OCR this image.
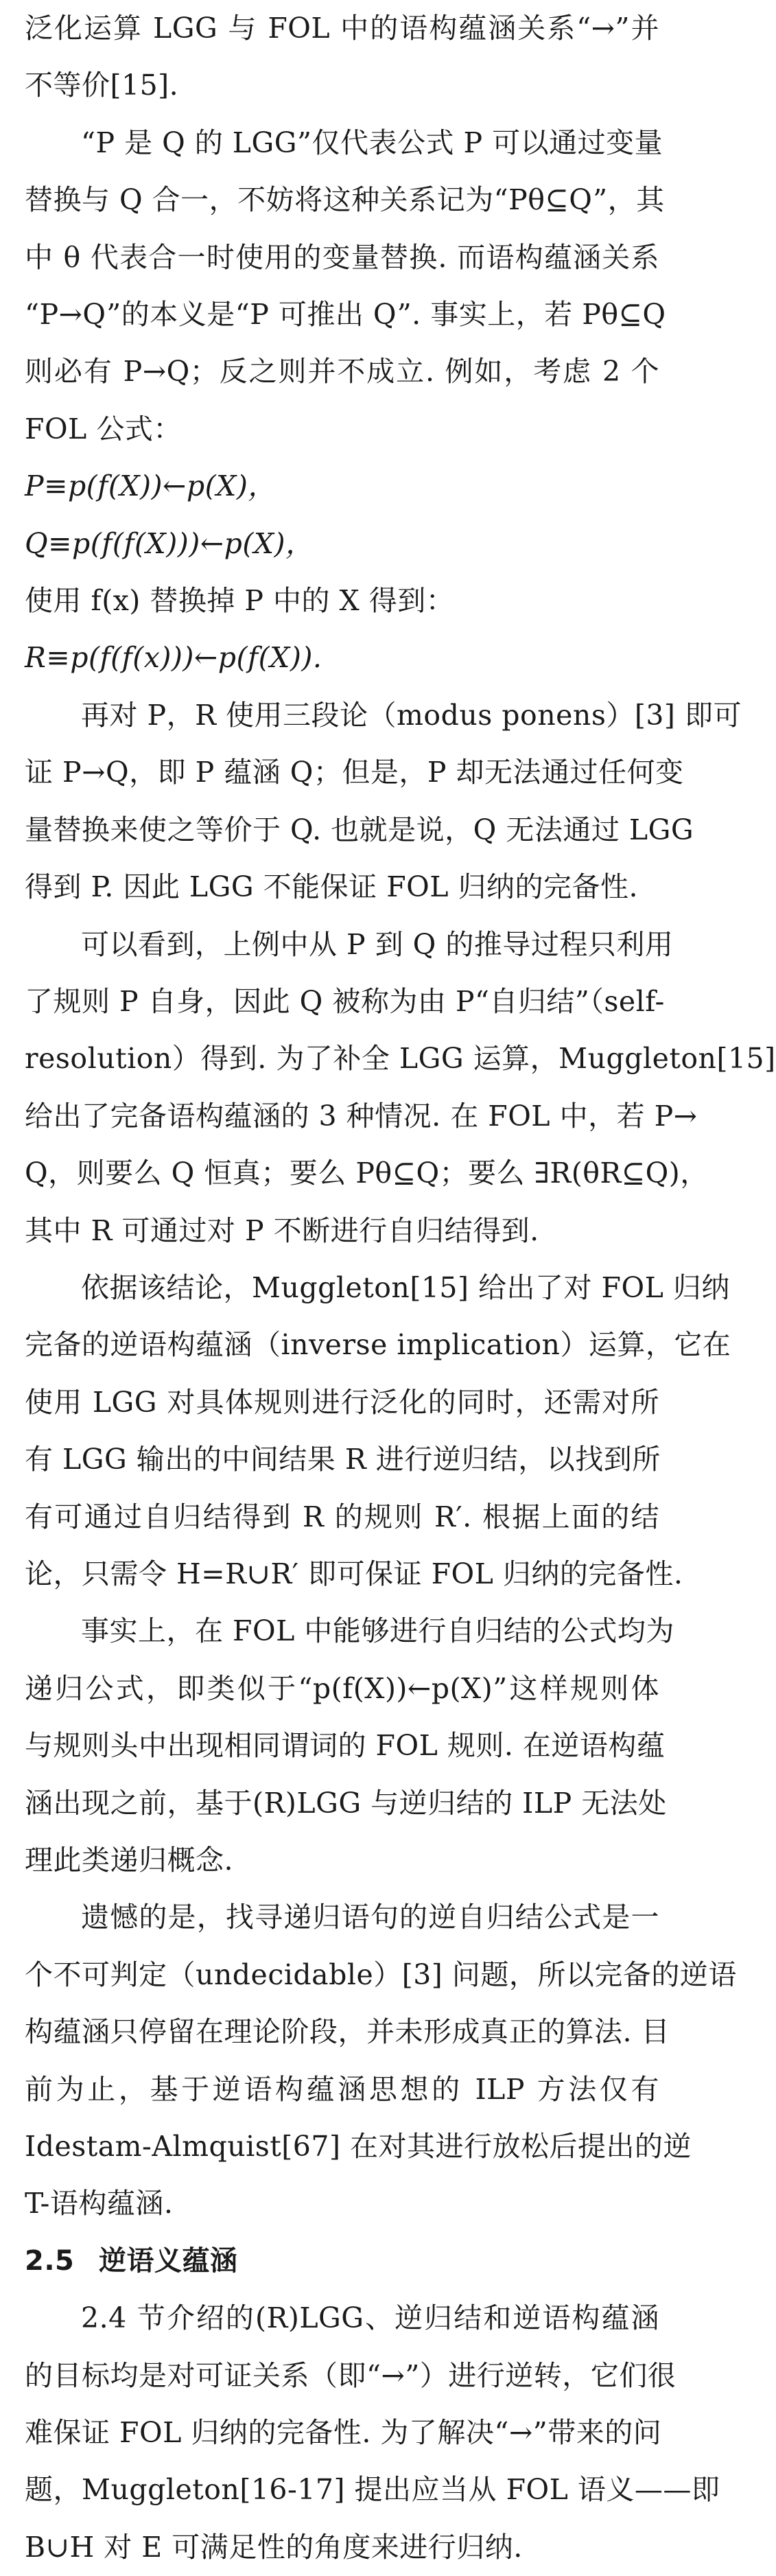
泛化运算 LGG 与 FOL 中的语构蕴涵关系“→”并

不等价[15].

“P 是 Q 的 LGG”仅代表公式 P 可以通过变量

替换与 Q 合一，不妨将这种关系记为“Pθ⊆Q”，其

中 θ 代表合一时使用的变量替换. 而语构蕴涵关系

“P→Q”的本义是“P 可推出 Q”. 事实上，若 Pθ⊆Q

则必有 P→Q；反之则并不成立. 例如，考虑 2 个

FOL 公式：

P≡p(f(X))←p(X)，

Q≡p(f(f(X)))←p(X)，

使用 f(x) 替换掉 P 中的 X 得到：

R≡p(f(f(x)))←p(f(X)).

再对 P，R 使用三段论（modus ponens）[3] 即可

证 P→Q，即 P 蕴涵 Q；但是，P 却无法通过任何变

量替换来使之等价于 Q. 也就是说，Q 无法通过 LGG

得到 P. 因此 LGG 不能保证 FOL 归纳的完备性.

可以看到，上例中从 P 到 Q 的推导过程只利用

了规则 P 自身，因此 Q 被称为由 P“自归结”（self-

resolution）得到. 为了补全 LGG 运算，Muggleton[15]

给出了完备语构蕴涵的 3 种情况. 在 FOL 中，若 P→

Q，则要么 Q 恒真；要么 Pθ⊆Q；要么 ∃R(θR⊆Q)，

其中 R 可通过对 P 不断进行自归结得到.

依据该结论，Muggleton[15] 给出了对 FOL 归纳

完备的逆语构蕴涵（inverse implication）运算，它在

使用 LGG 对具体规则进行泛化的同时，还需对所

有 LGG 输出的中间结果 R 进行逆归结，以找到所

有可通过自归结得到 R 的规则 R′. 根据上面的结

论，只需令 H=R∪R′ 即可保证 FOL 归纳的完备性.

事实上，在 FOL 中能够进行自归结的公式均为

递归公式，即类似于“p(f(X))←p(X)”这样规则体

与规则头中出现相同谓词的 FOL 规则. 在逆语构蕴

涵出现之前，基于(R)LGG 与逆归结的 ILP 无法处

理此类递归概念.

遗憾的是，找寻递归语句的逆自归结公式是一

个不可判定（undecidable）[3] 问题，所以完备的逆语

构蕴涵只停留在理论阶段，并未形成真正的算法. 目

前为止，基于逆语构蕴涵思想的 ILP 方法仅有

Idestam-Almquist[67] 在对其进行放松后提出的逆

T-语构蕴涵.

2.5 逆语义蕴涵

2.4 节介绍的(R)LGG、逆归结和逆语构蕴涵

的目标均是对可证关系（即“→”）进行逆转，它们很

难保证 FOL 归纳的完备性. 为了解决“→”带来的问

题，Muggleton[16-17] 提出应当从 FOL 语义——即

B∪H 对 E 可满足性的角度来进行归纳.
